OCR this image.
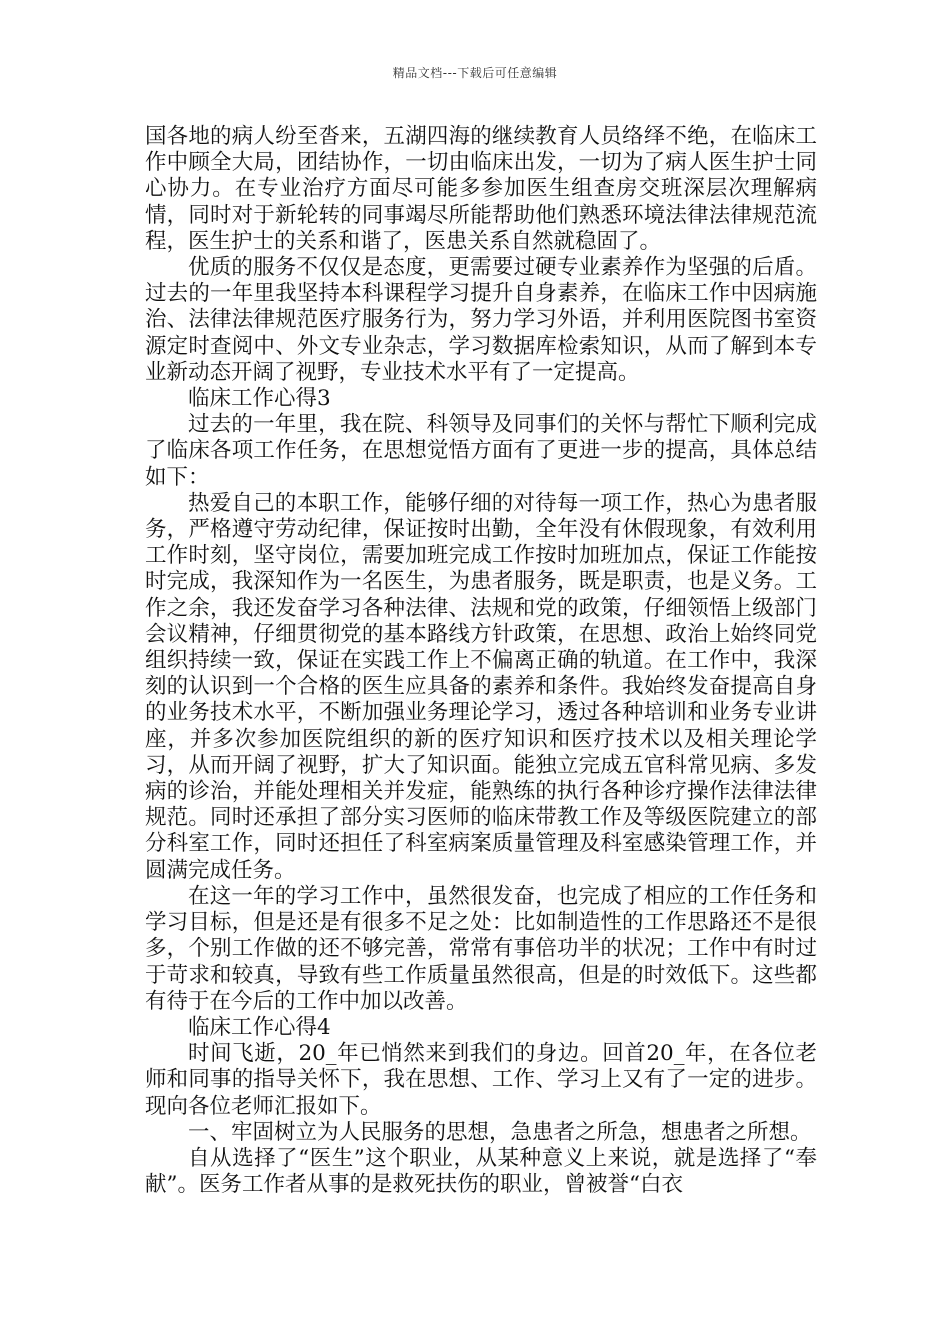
精品文档---下载后可任意编辑

国各地的病人纷至沓来，五湖四海的继续教育人员络绎不绝，在临床工作中顾全大局，团结协作，一切由临床出发，一切为了病人医生护士同心协力。在专业治疗方面尽可能多参加医生组查房交班深层次理解病情，同时对于新轮转的同事竭尽所能帮助他们熟悉环境法律法律规范流程，医生护士的关系和谐了，医患关系自然就稳固了。

优质的服务不仅仅是态度，更需要过硬专业素养作为坚强的后盾。过去的一年里我坚持本科课程学习提升自身素养，在临床工作中因病施治、法律法律规范医疗服务行为，努力学习外语，并利用医院图书室资源定时查阅中、外文专业杂志，学习数据库检索知识，从而了解到本专业新动态开阔了视野，专业技术水平有了一定提高。

临床工作心得3

过去的一年里，我在院、科领导及同事们的关怀与帮忙下顺利完成了临床各项工作任务，在思想觉悟方面有了更进一步的提高，具体总结如下：

热爱自己的本职工作，能够仔细的对待每一项工作，热心为患者服务，严格遵守劳动纪律，保证按时出勤，全年没有休假现象，有效利用工作时刻，坚守岗位，需要加班完成工作按时加班加点，保证工作能按时完成，我深知作为一名医生，为患者服务，既是职责，也是义务。工作之余，我还发奋学习各种法律、法规和党的政策，仔细领悟上级部门会议精神，仔细贯彻党的基本路线方针政策，在思想、政治上始终同党组织持续一致，保证在实践工作上不偏离正确的轨道。在工作中，我深刻的认识到一个合格的医生应具备的素养和条件。我始终发奋提高自身的业务技术水平，不断加强业务理论学习，透过各种培训和业务专业讲座，并多次参加医院组织的新的医疗知识和医疗技术以及相关理论学习，从而开阔了视野，扩大了知识面。能独立完成五官科常见病、多发病的诊治，并能处理相关并发症，能熟练的执行各种诊疗操作法律法律规范。同时还承担了部分实习医师的临床带教工作及等级医院建立的部分科室工作，同时还担任了科室病案质量管理及科室感染管理工作，并圆满完成任务。

在这一年的学习工作中，虽然很发奋，也完成了相应的工作任务和学习目标，但是还是有很多不足之处：比如制造性的工作思路还不是很多，个别工作做的还不够完善，常常有事倍功半的状况；工作中有时过于苛求和较真，导致有些工作质量虽然很高，但是的时效低下。这些都有待于在今后的工作中加以改善。

临床工作心得4

时间飞逝，20_年已悄然来到我们的身边。回首20_年，在各位老师和同事的指导关怀下，我在思想、工作、学习上又有了一定的进步。现向各位老师汇报如下。

一、牢固树立为人民服务的思想，急患者之所急，想患者之所想。

自从选择了“医生”这个职业，从某种意义上来说，就是选择了“奉献”。医务工作者从事的是救死扶伤的职业，曾被誉“白衣
